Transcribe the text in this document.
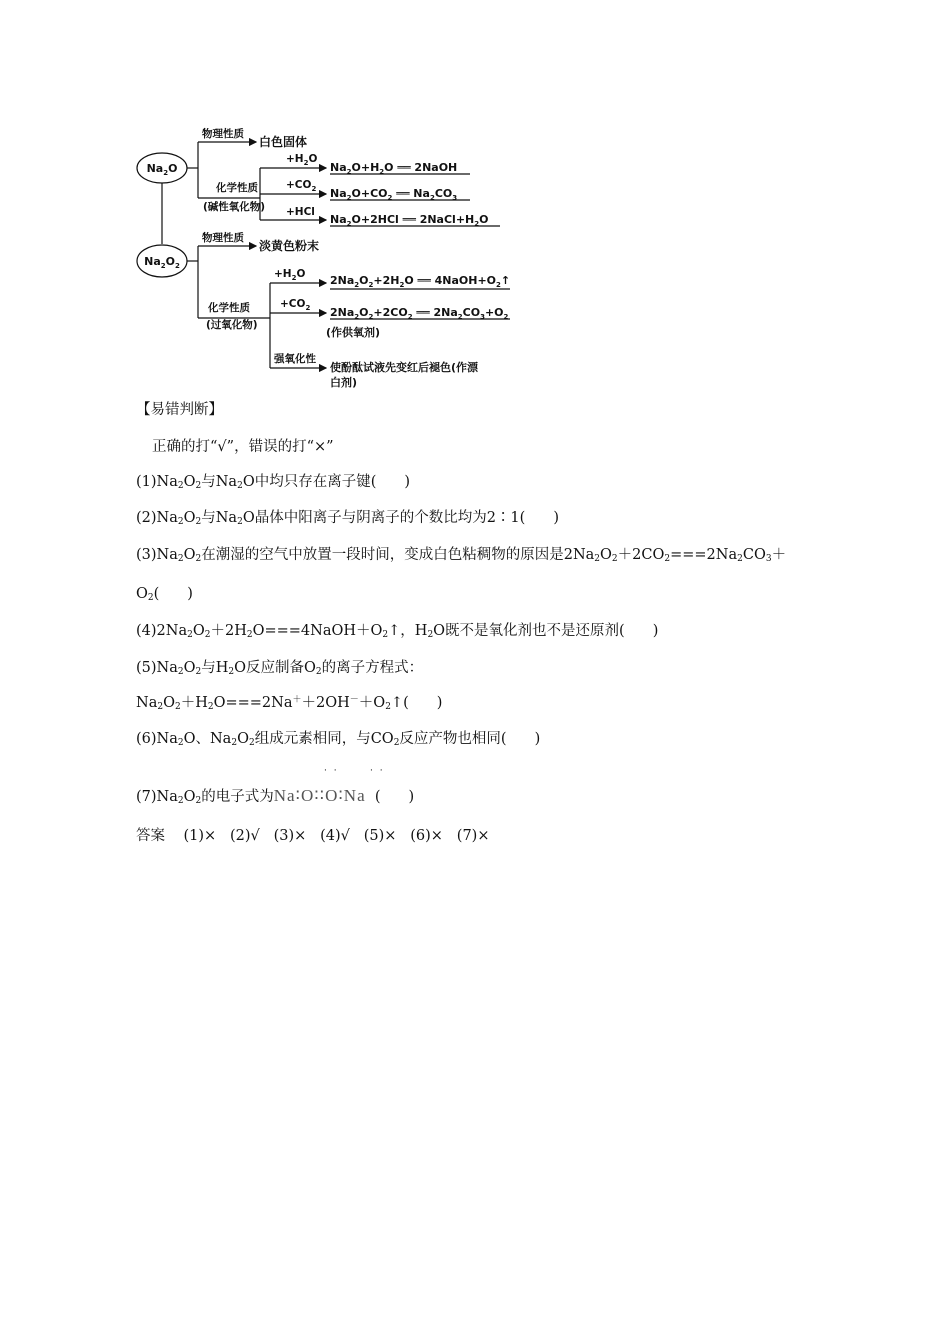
$Na_2O$
物理性质
白色固体
化学性质
(碱性氧化物)
$+H_2O$
$Na_2O+H_2O$ ══ 2NaOH
$+CO_2$ $Na_2O+CO_2$ ══ $Na_2CO_3$
+HCl
$Na_2O+2HCl$ ══ $2NaCl+H_2O$
$Na_2O_2$
物理性质
淡黄色粉末
化学性质
(过氧化物)
$+H_2O$ $2Na_2O_2+2H_2O$ ══ $4NaOH+O_2↑$
$+CO_2$ $2Na_2O_2+2CO_2$ ══ $2Na_2CO_3+O_2$
(作供氧剂)
强氧化性
使酚酞试液先变红后褪色(作漂
白剂)
【易错判断】
正确的打“√”，错误的打“×”
$(1)Na_2O_2$与$Na_2O$中均只存在离子键( )
$(2)Na_2O_2$与$Na_2O$晶体中阳离子与阴离子的个数比均为2∶1( )
$(3)Na_2O_2$在潮湿的空气中放置一段时间，变成白色粘稠物的原因是$2Na_2O_2+2CO_2===2Na_2CO_3+$
$O_2$( )
$(4)2Na_2O_2+2H_2O===4NaOH+O_2↑$，$H_2O$既不是氧化剂也不是还原剂( )
$(5)Na_2O_2$与$H_2O$反应制备$O_2$的离子方程式：
$Na_2O_2+H_2O===2Na^++2OH^-+O_2↑$( )
$(6)Na_2O$、$Na_2O_2$组成元素相同，与$CO_2$反应产物也相同( )
· ·	· ·
$(7)Na_2O_2$的电子式为Na∶O∶∶O∶Na  ( )
答案 (1)× (2)√ (3)× (4)√ (5)× (6)× (7)×
